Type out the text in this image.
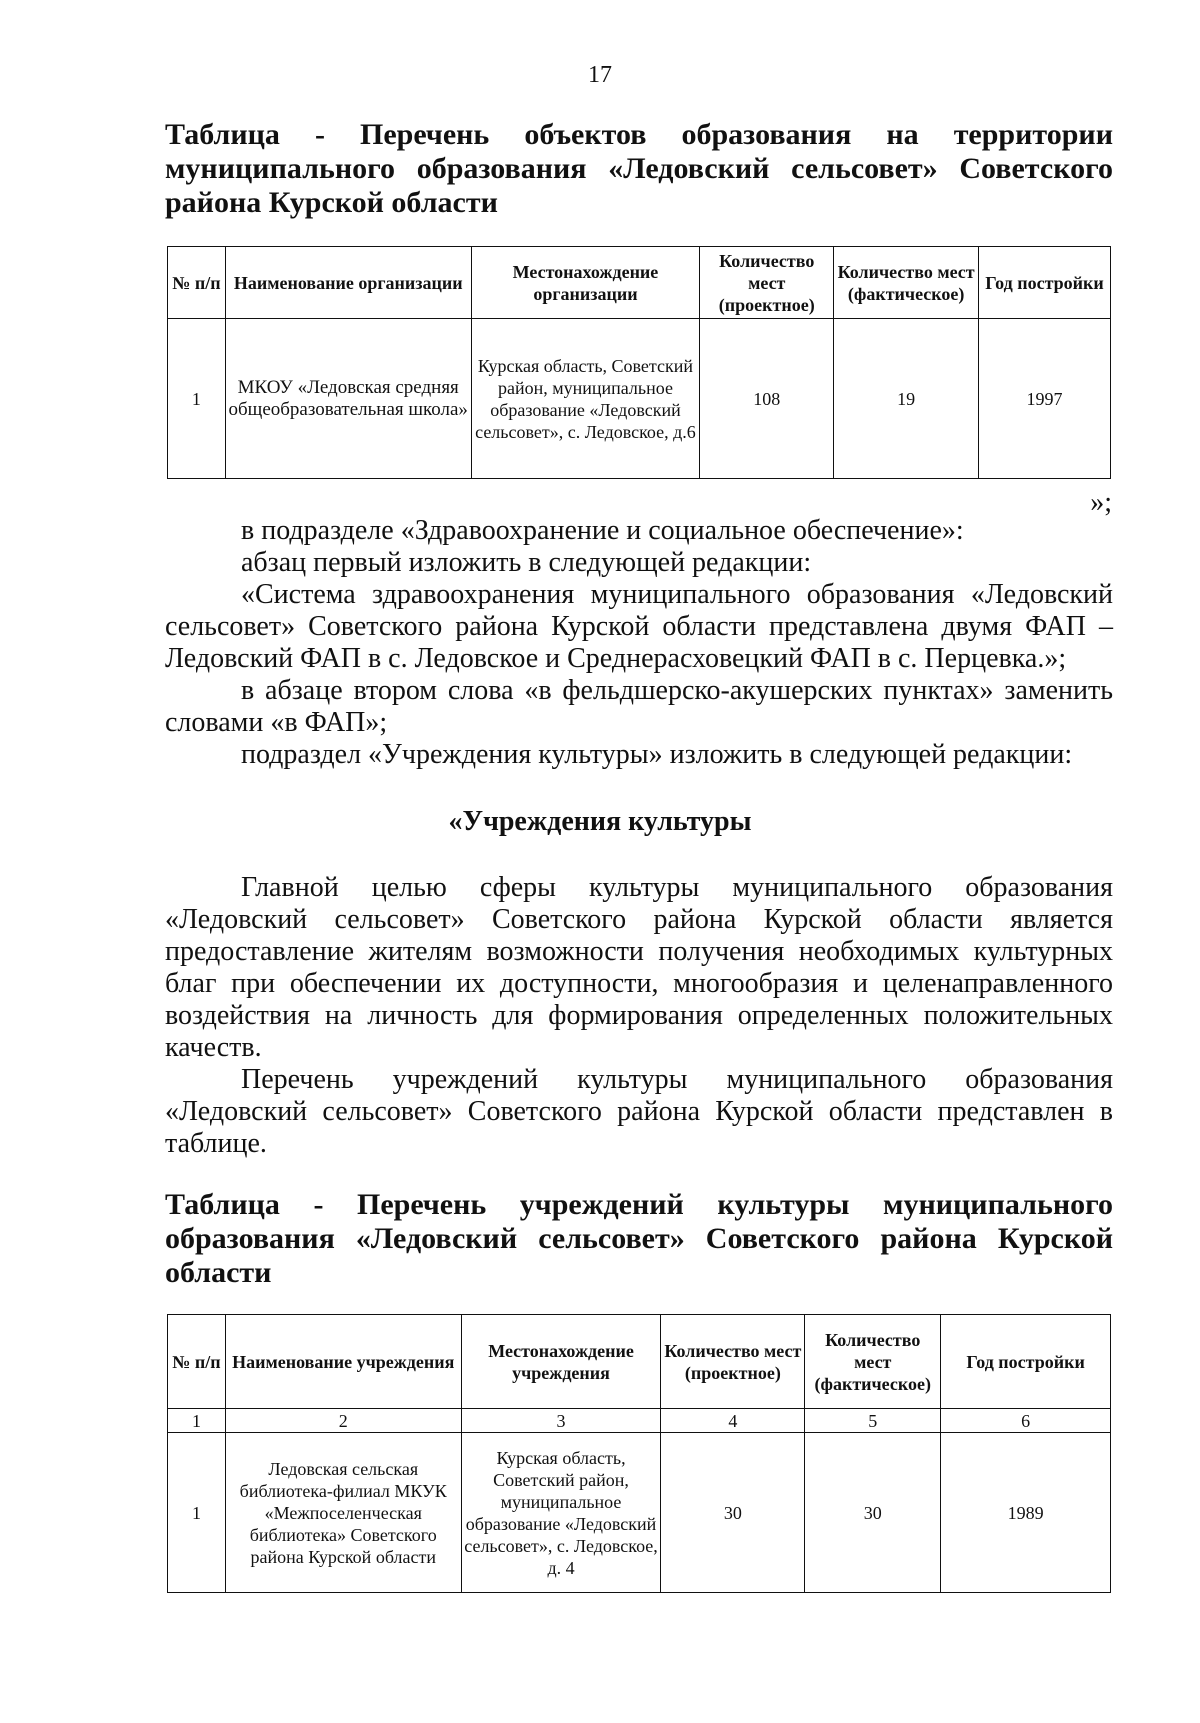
17
Таблица - Перечень объектов образования на территории
муниципального образования «Ледовский сельсовет» Советского
района Курской области
№ п/п	Наименование организации	Местонахождение организации	Количество мест (проектное)	Количество мест (фактическое)	Год постройки
1	МКОУ «Ледовская средняя общеобразовательная школа»	Курская область, Советский район, муниципальное образование «Ледовский сельсовет», с. Ледовское, д.6	108	19	1997
»;

в подразделе «Здравоохранение и социальное обеспечение»:

абзац первый изложить в следующей редакции:

«Система здравоохранения муниципального образования «Ледовский сельсовет» Советского района Курской области представлена двумя ФАП – Ледовский ФАП в с. Ледовское и Среднерасховецкий ФАП в с. Перцевка.»;

в абзаце втором слова «в фельдшерско-акушерских пунктах» заменить словами «в ФАП»;

подраздел «Учреждения культуры» изложить в следующей редакции:

«Учреждения культуры

Главной целью сферы культуры муниципального образования «Ледовский сельсовет» Советского района Курской области является предоставление жителям возможности получения необходимых культурных благ при обеспечении их доступности, многообразия и целенаправленного воздействия на личность для формирования определенных положительных качеств.

Перечень учреждений культуры муниципального образования «Ледовский сельсовет» Советского района Курской области представлен в таблице.

Таблица - Перечень учреждений культуры муниципального
образования «Ледовский сельсовет» Советского района Курской
области
№ п/п	Наименование учреждения	Местонахождение учреждения	Количество мест (проектное)	Количество мест (фактическое)	Год постройки
1	2	3	4	5	6
1	Ледовская сельская библиотека-филиал МКУК «Межпоселенческая библиотека» Советского района Курской области	Курская область, Советский район, муниципальное образование «Ледовский сельсовет», с. Ледовское, д. 4	30	30	1989
